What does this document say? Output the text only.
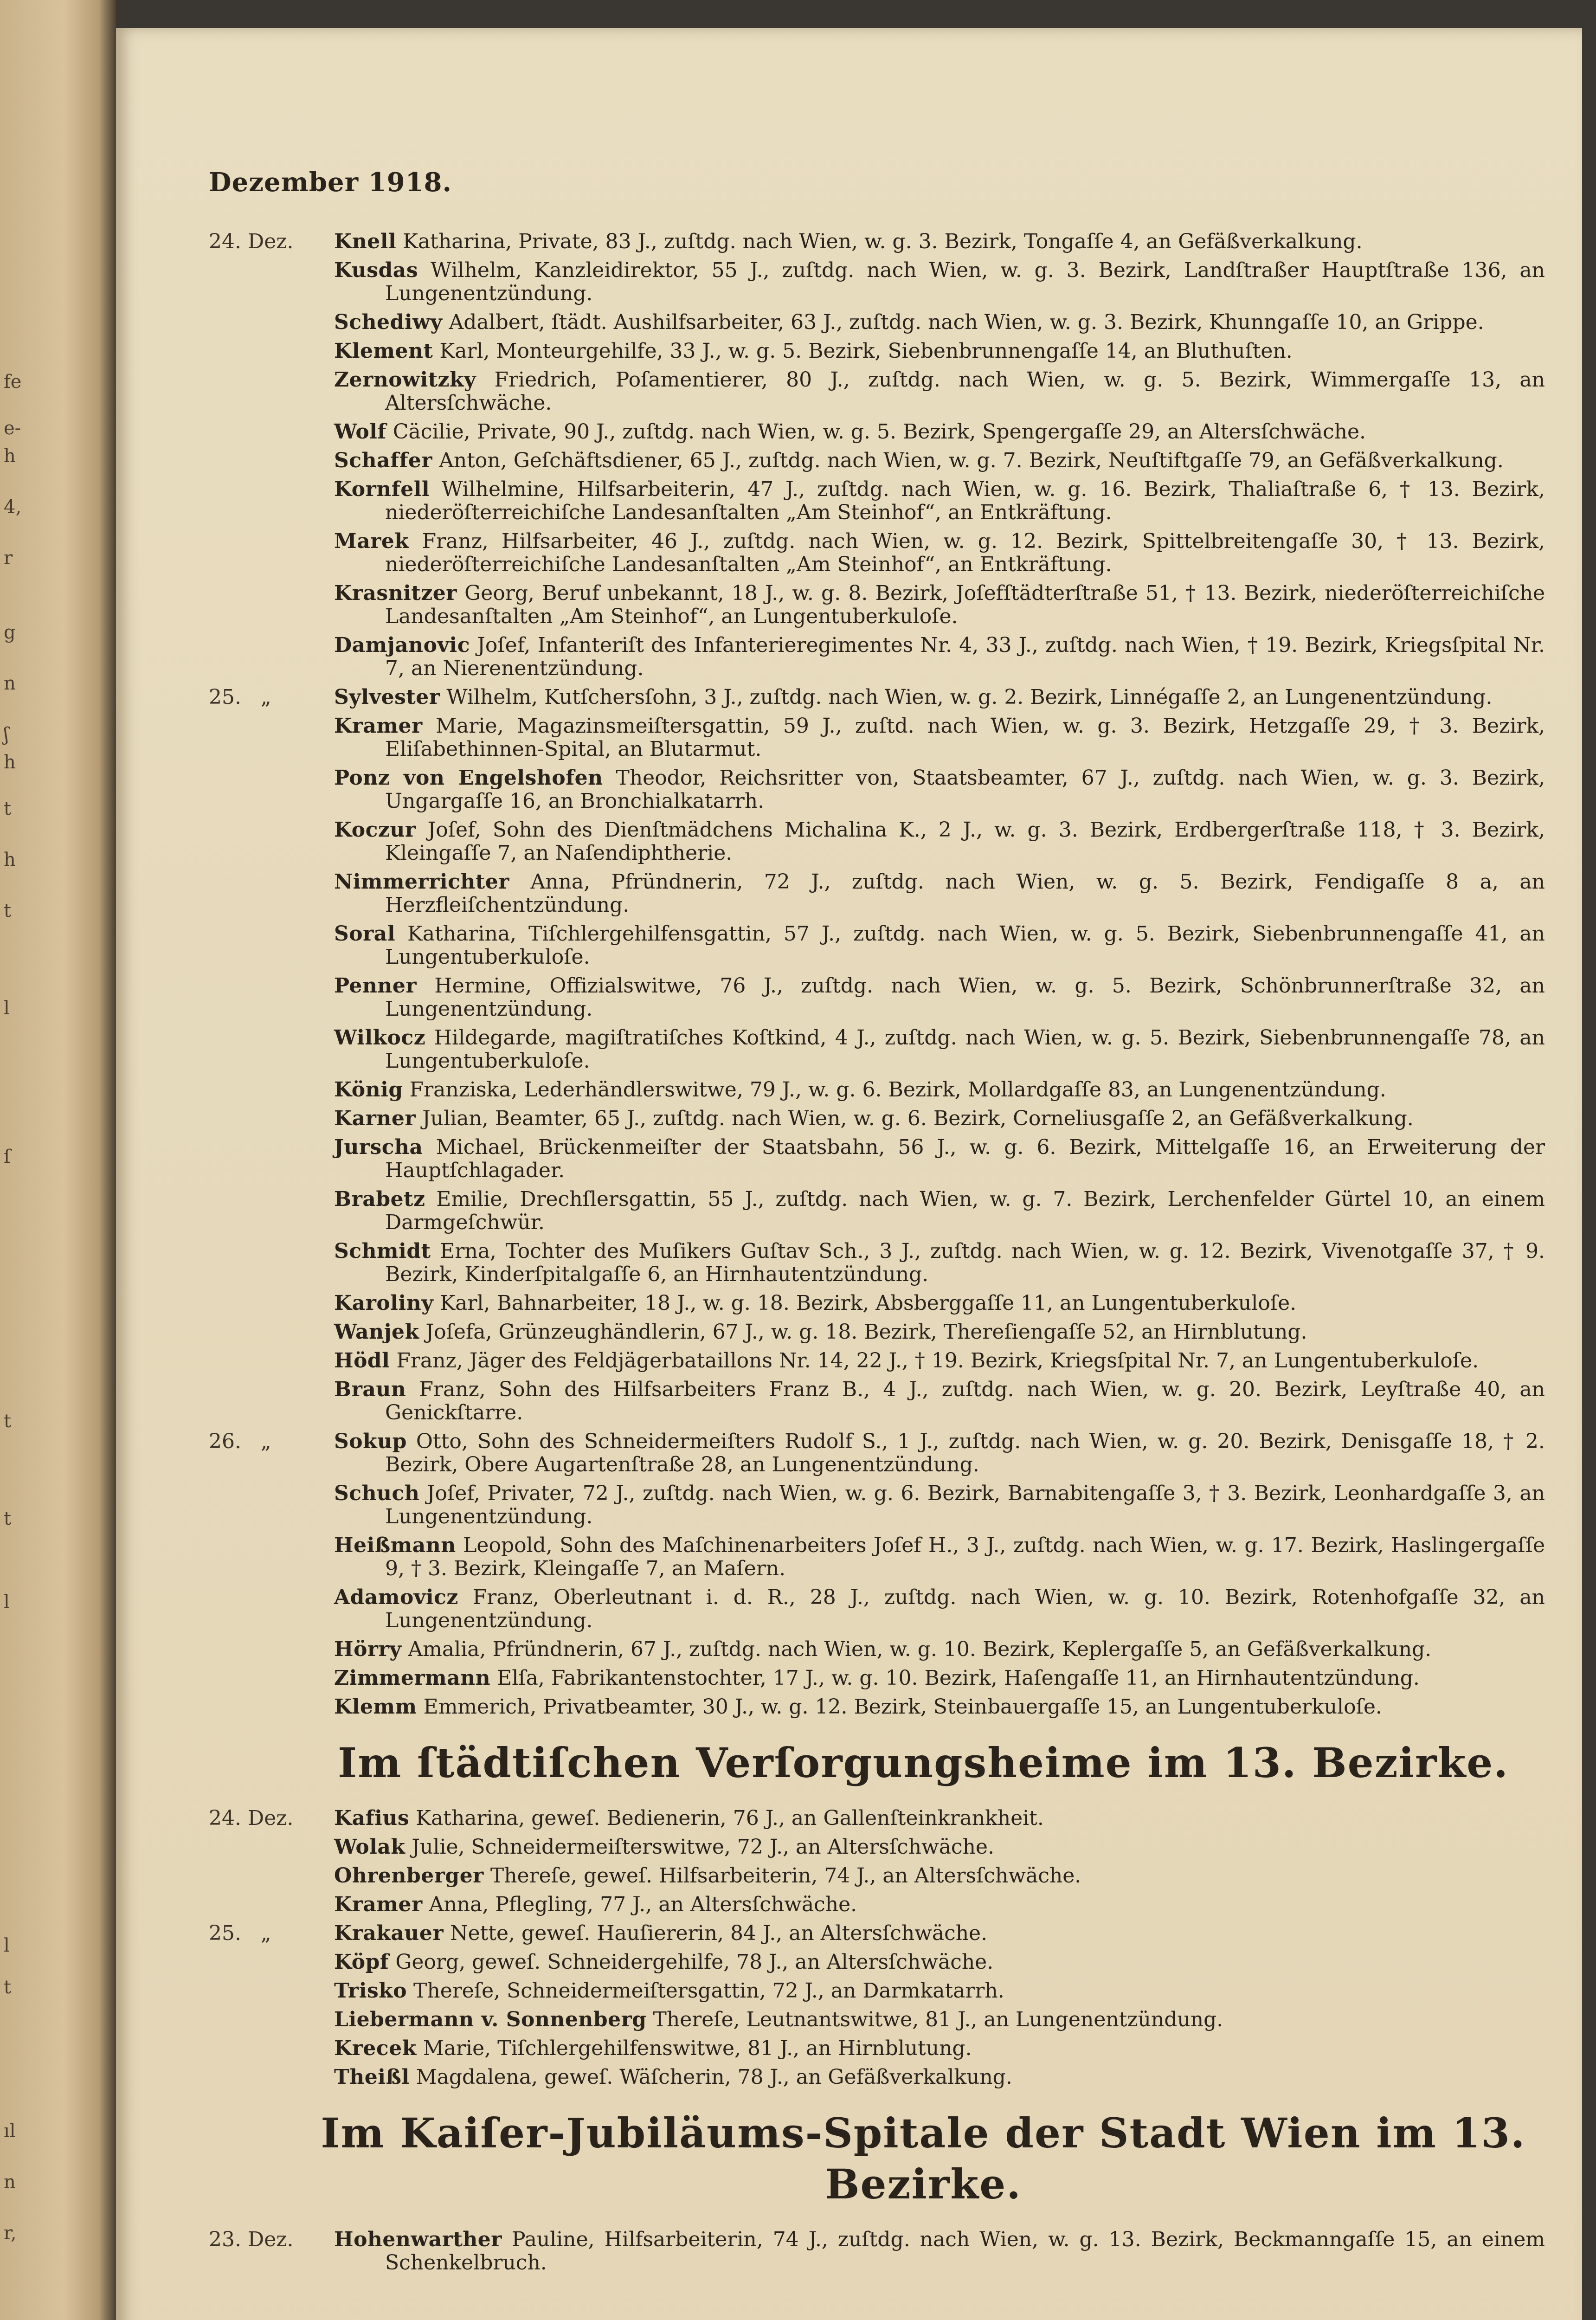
fe
e-
h
4,
r
g
n
ʃ
h
t
h
t
l
ſ
t
t
l
l
t
ıl
n
r,
Dezember 1918.
24. Dez.	Knell Katharina, Private, 83 J., zuſtdg. nach Wien, w. g. 3. Bezirk, Tongaſſe 4, an Gefäßverkalkung.
Kusdas Wilhelm, Kanzleidirektor, 55 J., zuſtdg. nach Wien, w. g. 3. Bezirk, Landſtraßer Hauptſtraße 136, an Lungenentzündung.
Schediwy Adalbert, ſtädt. Aushilfsarbeiter, 63 J., zuſtdg. nach Wien, w. g. 3. Bezirk, Khunngaſſe 10, an Grippe.
Klement Karl, Monteurgehilfe, 33 J., w. g. 5. Bezirk, Siebenbrunnengaſſe 14, an Bluthuſten.
Zernowitzky Friedrich, Poſamentierer, 80 J., zuſtdg. nach Wien, w. g. 5. Bezirk, Wimmergaſſe 13, an Altersſchwäche.
Wolf Cäcilie, Private, 90 J., zuſtdg. nach Wien, w. g. 5. Bezirk, Spengergaſſe 29, an Altersſchwäche.
Schaffer Anton, Geſchäftsdiener, 65 J., zuſtdg. nach Wien, w. g. 7. Bezirk, Neuſtiftgaſſe 79, an Gefäßverkalkung.
Kornfell Wilhelmine, Hilfsarbeiterin, 47 J., zuſtdg. nach Wien, w. g. 16. Bezirk, Thaliaſtraße 6, † 13. Bezirk, niederöſterreichiſche Landesanſtalten „Am Steinhof“, an Entkräftung.
Marek Franz, Hilfsarbeiter, 46 J., zuſtdg. nach Wien, w. g. 12. Bezirk, Spittelbreitengaſſe 30, † 13. Bezirk, niederöſterreichiſche Landesanſtalten „Am Steinhof“, an Entkräftung.
Krasnitzer Georg, Beruf unbekannt, 18 J., w. g. 8. Bezirk, Joſefſtädterſtraße 51, † 13. Bezirk, niederöſterreichiſche Landesanſtalten „Am Steinhof“, an Lungentuberkuloſe.
Damjanovic Joſef, Infanteriſt des Infanterieregimentes Nr. 4, 33 J., zuſtdg. nach Wien, † 19. Bezirk, Kriegsſpital Nr. 7, an Nierenentzündung.
25.   „	Sylvester Wilhelm, Kutſchersſohn, 3 J., zuſtdg. nach Wien, w. g. 2. Bezirk, Linnégaſſe 2, an Lungenentzündung.
Kramer Marie, Magazinsmeiſtersgattin, 59 J., zuſtd. nach Wien, w. g. 3. Bezirk, Hetzgaſſe 29, † 3. Bezirk, Eliſabethinnen-Spital, an Blutarmut.
Ponz von Engelshofen Theodor, Reichsritter von, Staatsbeamter, 67 J., zuſtdg. nach Wien, w. g. 3. Bezirk, Ungargaſſe 16, an Bronchialkatarrh.
Koczur Joſef, Sohn des Dienſtmädchens Michalina K., 2 J., w. g. 3. Bezirk, Erdbergerſtraße 118, † 3. Bezirk, Kleingaſſe 7, an Naſendiphtherie.
Nimmerrichter Anna, Pfründnerin, 72 J., zuſtdg. nach Wien, w. g. 5. Bezirk, Fendigaſſe 8 a, an Herzfleiſchentzündung.
Soral Katharina, Tiſchlergehilfensgattin, 57 J., zuſtdg. nach Wien, w. g. 5. Bezirk, Siebenbrunnengaſſe 41, an Lungentuberkuloſe.
Penner Hermine, Offizialswitwe, 76 J., zuſtdg. nach Wien, w. g. 5. Bezirk, Schönbrunnerſtraße 32, an Lungenentzündung.
Wilkocz Hildegarde, magiſtratiſches Koſtkind, 4 J., zuſtdg. nach Wien, w. g. 5. Bezirk, Siebenbrunnengaſſe 78, an Lungentuberkuloſe.
König Franziska, Lederhändlerswitwe, 79 J., w. g. 6. Bezirk, Mollardgaſſe 83, an Lungenentzündung.
Karner Julian, Beamter, 65 J., zuſtdg. nach Wien, w. g. 6. Bezirk, Corneliusgaſſe 2, an Gefäßverkalkung.
Jurscha Michael, Brückenmeiſter der Staatsbahn, 56 J., w. g. 6. Bezirk, Mittelgaſſe 16, an Erweiterung der Hauptſchlagader.
Brabetz Emilie, Drechſlersgattin, 55 J., zuſtdg. nach Wien, w. g. 7. Bezirk, Lerchenfelder Gürtel 10, an einem Darmgeſchwür.
Schmidt Erna, Tochter des Muſikers Guſtav Sch., 3 J., zuſtdg. nach Wien, w. g. 12. Bezirk, Vivenotgaſſe 37, † 9. Bezirk, Kinderſpitalgaſſe 6, an Hirnhautentzündung.
Karoliny Karl, Bahnarbeiter, 18 J., w. g. 18. Bezirk, Absberggaſſe 11, an Lungentuberkuloſe.
Wanjek Joſefa, Grünzeughändlerin, 67 J., w. g. 18. Bezirk, Thereſiengaſſe 52, an Hirnblutung.
Hödl Franz, Jäger des Feldjägerbataillons Nr. 14, 22 J., † 19. Bezirk, Kriegsſpital Nr. 7, an Lungentuberkuloſe.
Braun Franz, Sohn des Hilfsarbeiters Franz B., 4 J., zuſtdg. nach Wien, w. g. 20. Bezirk, Leyſtraße 40, an Genickſtarre.
26.   „	Sokup Otto, Sohn des Schneidermeiſters Rudolf S., 1 J., zuſtdg. nach Wien, w. g. 20. Bezirk, Denisgaſſe 18, † 2. Bezirk, Obere Augartenſtraße 28, an Lungenentzündung.
Schuch Joſef, Privater, 72 J., zuſtdg. nach Wien, w. g. 6. Bezirk, Barnabitengaſſe 3, † 3. Bezirk, Leonhardgaſſe 3, an Lungenentzündung.
Heißmann Leopold, Sohn des Maſchinenarbeiters Joſef H., 3 J., zuſtdg. nach Wien, w. g. 17. Bezirk, Haslingergaſſe 9, † 3. Bezirk, Kleingaſſe 7, an Maſern.
Adamovicz Franz, Oberleutnant i. d. R., 28 J., zuſtdg. nach Wien, w. g. 10. Bezirk, Rotenhofgaſſe 32, an Lungenentzündung.
Hörry Amalia, Pfründnerin, 67 J., zuſtdg. nach Wien, w. g. 10. Bezirk, Keplergaſſe 5, an Gefäßverkalkung.
Zimmermann Elſa, Fabrikantenstochter, 17 J., w. g. 10. Bezirk, Haſengaſſe 11, an Hirnhautentzündung.
Klemm Emmerich, Privatbeamter, 30 J., w. g. 12. Bezirk, Steinbauergaſſe 15, an Lungentuberkuloſe.
Im ſtädtiſchen Verſorgungsheime im 13. Bezirke.
24. Dez.	Kafius Katharina, geweſ. Bedienerin, 76 J., an Gallenſteinkrankheit.
Wolak Julie, Schneidermeiſterswitwe, 72 J., an Altersſchwäche.
Ohrenberger Thereſe, geweſ. Hilfsarbeiterin, 74 J., an Altersſchwäche.
Kramer Anna, Pflegling, 77 J., an Altersſchwäche.
25.   „	Krakauer Nette, geweſ. Hauſiererin, 84 J., an Altersſchwäche.
Köpf Georg, geweſ. Schneidergehilfe, 78 J., an Altersſchwäche.
Trisko Thereſe, Schneidermeiſtersgattin, 72 J., an Darmkatarrh.
Liebermann v. Sonnenberg Thereſe, Leutnantswitwe, 81 J., an Lungenentzündung.
Krecek Marie, Tiſchlergehilfenswitwe, 81 J., an Hirnblutung.
Theißl Magdalena, geweſ. Wäſcherin, 78 J., an Gefäßverkalkung.
Im Kaiſer-Jubiläums-Spitale der Stadt Wien im 13. Bezirke.
23. Dez.	Hohenwarther Pauline, Hilfsarbeiterin, 74 J., zuſtdg. nach Wien, w. g. 13. Bezirk, Beckmanngaſſe 15, an einem Schenkelbruch.
